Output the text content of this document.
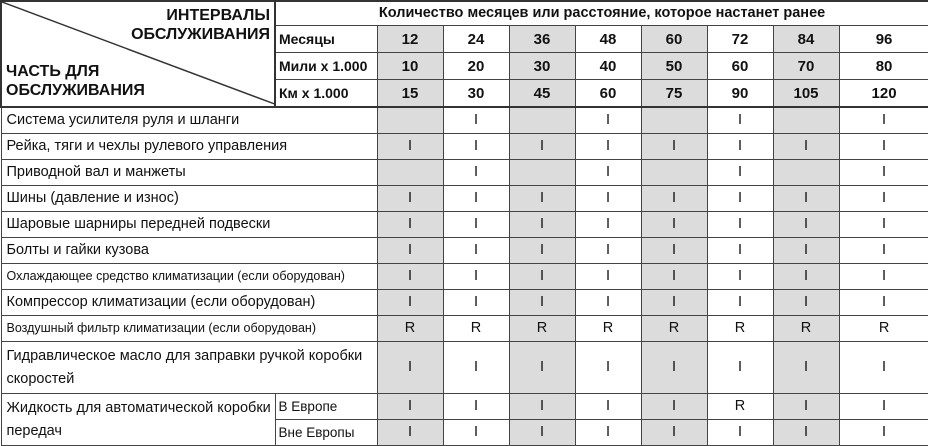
ИНТЕРВАЛЫ
ОБСЛУЖИВАНИЯ
ЧАСТЬ ДЛЯ
ОБСЛУЖИВАНИЯ	Количество месяцев или расстояние, которое настанет ранее								
	Месяцы	12	24	36	48	60	72	84	96
	Мили х 1.000	10	20	30	40	50	60	70	80
	Км х 1.000	15	30	45	60	75	90	105	120
Система усилителя руля и шланги			I		I		I		I
Рейка, тяги и чехлы рулевого управления		I	I	I	I	I	I	I	I
Приводной вал и манжеты			I		I		I		I
Шины (давление и износ)		I	I	I	I	I	I	I	I
Шаровые шарниры передней подвески		I	I	I	I	I	I	I	I
Болты и гайки кузова		I	I	I	I	I	I	I	I
Охлаждающее средство климатизации (если оборудован)		I	I	I	I	I	I	I	I
Компрессор климатизации (если оборудован)		I	I	I	I	I	I	I	I
Воздушный фильтр климатизации (если оборудован)		R	R	R	R	R	R	R	R
Гидравлическое масло для заправки ручкой коробки скоростей		I	I	I	I	I	I	I	I
Жидкость для автоматической коробки передач	В Европе	I	I	I	I	I	R	I	I
	Вне Европы	I	I	I	I	I	I	I	I
